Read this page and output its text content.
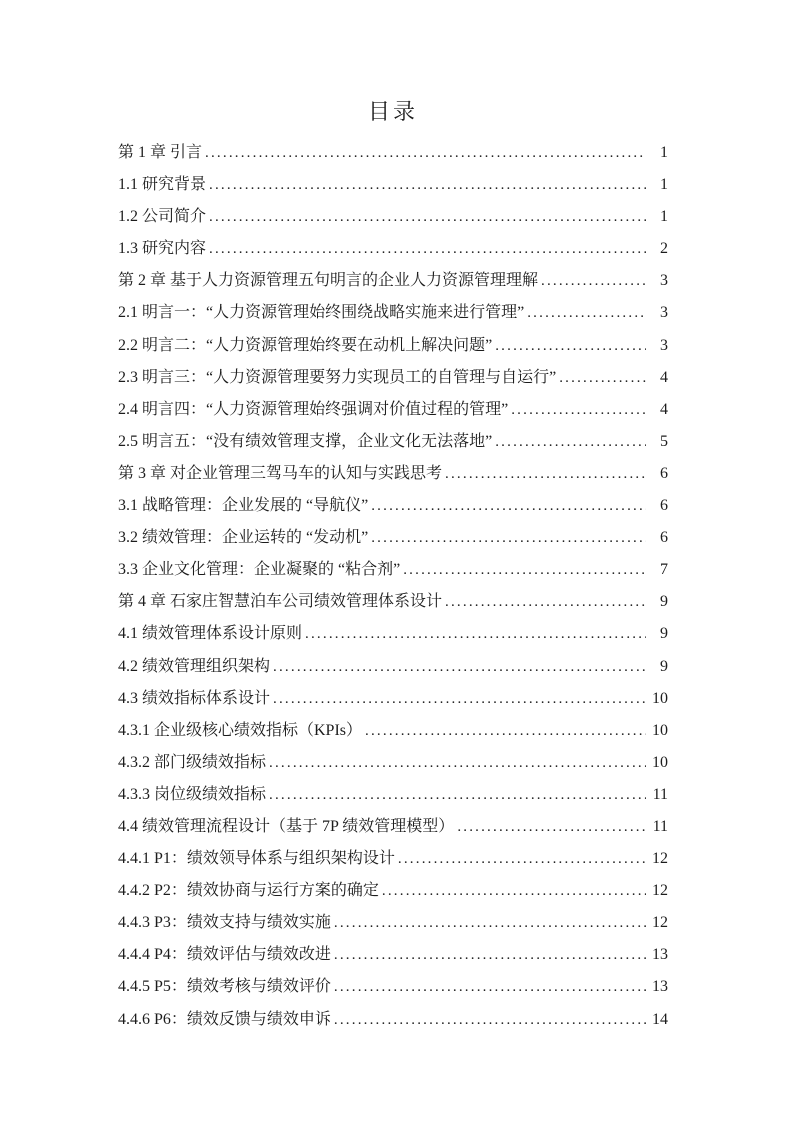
目录
第 1 章 引言 .....	1
1.1 研究背景 .....	1
1.2 公司简介 .....	1
1.3 研究内容 .....	2
第 2 章 基于人力资源管理五句明言的企业人力资源管理理解 .....	3
2.1 明言一：“人力资源管理始终围绕战略实施来进行管理” .....	3
2.2 明言二：“人力资源管理始终要在动机上解决问题” .....	3
2.3 明言三：“人力资源管理要努力实现员工的自管理与自运行” .....	4
2.4 明言四：“人力资源管理始终强调对价值过程的管理” .....	4
2.5 明言五：“没有绩效管理支撑，企业文化无法落地” .....	5
第 3 章 对企业管理三驾马车的认知与实践思考 .....	6
3.1 战略管理：企业发展的 “导航仪” .....	6
3.2 绩效管理：企业运转的 “发动机” .....	6
3.3 企业文化管理：企业凝聚的 “粘合剂” .....	7
第 4 章 石家庄智慧泊车公司绩效管理体系设计 .....	9
4.1 绩效管理体系设计原则 .....	9
4.2 绩效管理组织架构 .....	9
4.3 绩效指标体系设计 .....	10
4.3.1 企业级核心绩效指标（KPIs） .....	10
4.3.2 部门级绩效指标 .....	10
4.3.3 岗位级绩效指标 .....	11
4.4 绩效管理流程设计（基于 7P 绩效管理模型） .....	11
4.4.1 P1：绩效领导体系与组织架构设计 .....	12
4.4.2 P2：绩效协商与运行方案的确定 .....	12
4.4.3 P3：绩效支持与绩效实施 .....	12
4.4.4 P4：绩效评估与绩效改进 .....	13
4.4.5 P5：绩效考核与绩效评价 .....	13
4.4.6 P6：绩效反馈与绩效申诉 .....	14
